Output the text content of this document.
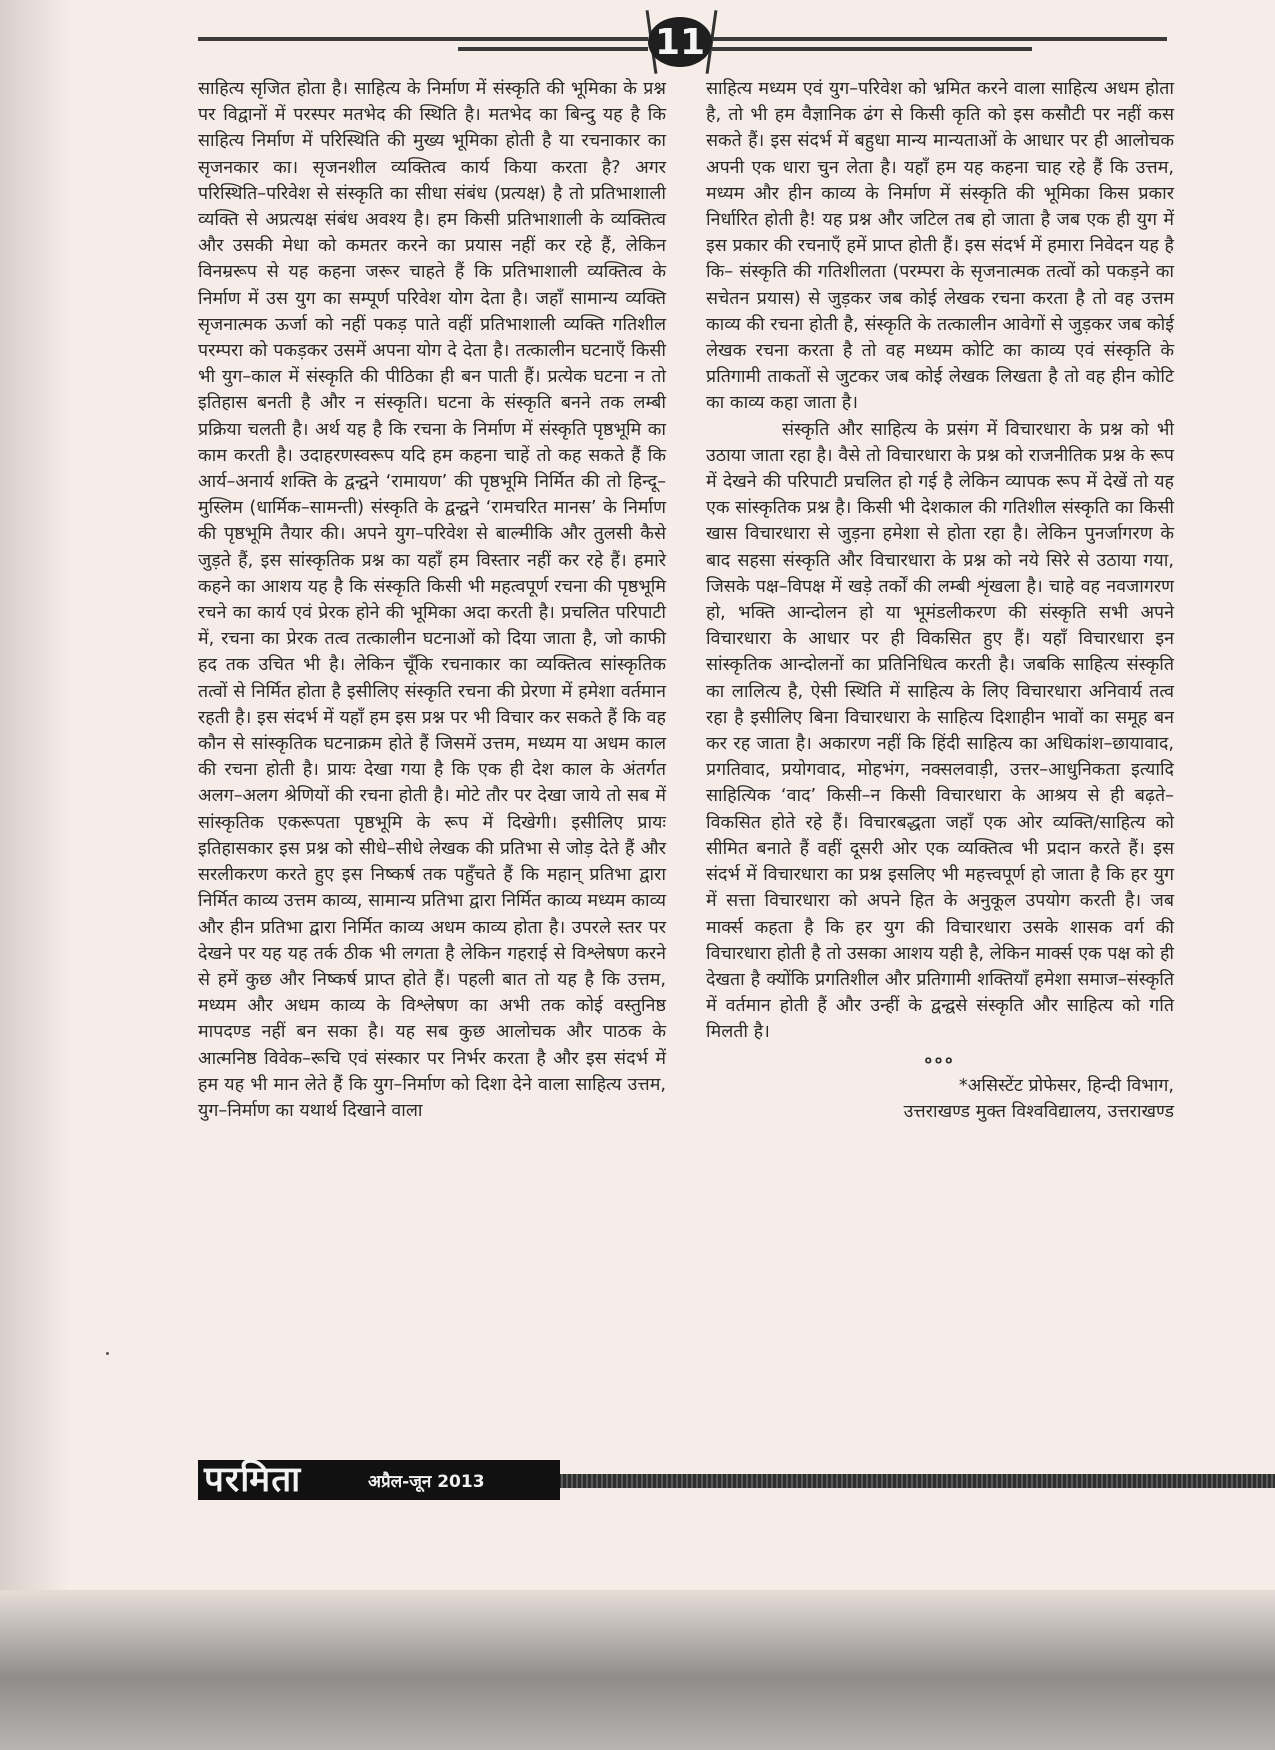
11

साहित्य सृजित होता है। साहित्य के निर्माण में संस्कृति की भूमिका के प्रश्न पर विद्वानों में परस्पर मतभेद की स्थिति है। मतभेद का बिन्दु यह है कि साहित्य निर्माण में परिस्थिति की मुख्य भूमिका होती है या रचनाकार का सृजनकार का। सृजनशील व्यक्तित्व कार्य किया करता है? अगर परिस्थिति–परिवेश से संस्कृति का सीधा संबंध (प्रत्यक्ष) है तो प्रतिभाशाली व्यक्ति से अप्रत्यक्ष संबंध अवश्य है। हम किसी प्रतिभाशाली के व्यक्तित्व और उसकी मेधा को कमतर करने का प्रयास नहीं कर रहे हैं, लेकिन विनम्ररूप से यह कहना जरूर चाहते हैं कि प्रतिभाशाली व्यक्तित्व के निर्माण में उस युग का सम्पूर्ण परिवेश योग देता है। जहाँ सामान्य व्यक्ति सृजनात्मक ऊर्जा को नहीं पकड़ पाते वहीं प्रतिभाशाली व्यक्ति गतिशील परम्परा को पकड़कर उसमें अपना योग दे देता है। तत्कालीन घटनाएँ किसी भी युग–काल में संस्कृति की पीठिका ही बन पाती हैं। प्रत्येक घटना न तो इतिहास बनती है और न संस्कृति। घटना के संस्कृति बनने तक लम्बी प्रक्रिया चलती है। अर्थ यह है कि रचना के निर्माण में संस्कृति पृष्ठभूमि का काम करती है। उदाहरणस्वरूप यदि हम कहना चाहें तो कह सकते हैं कि आर्य–अनार्य शक्ति के द्वन्द्वने ‘रामायण’ की पृष्ठभूमि निर्मित की तो हिन्दू–मुस्लिम (धार्मिक–सामन्ती) संस्कृति के द्वन्द्वने ‘रामचरित मानस’ के निर्माण की पृष्ठभूमि तैयार की। अपने युग–परिवेश से बाल्मीकि और तुलसी कैसे जुड़ते हैं, इस सांस्कृतिक प्रश्न का यहाँ हम विस्तार नहीं कर रहे हैं। हमारे कहने का आशय यह है कि संस्कृति किसी भी महत्वपूर्ण रचना की पृष्ठभूमि रचने का कार्य एवं प्रेरक होने की भूमिका अदा करती है। प्रचलित परिपाटी में, रचना का प्रेरक तत्व तत्कालीन घटनाओं को दिया जाता है, जो काफी हद तक उचित भी है। लेकिन चूँकि रचनाकार का व्यक्तित्व सांस्कृतिक तत्वों से निर्मित होता है इसीलिए संस्कृति रचना की प्रेरणा में हमेशा वर्तमान रहती है। इस संदर्भ में यहाँ हम इस प्रश्न पर भी विचार कर सकते हैं कि वह कौन से सांस्कृतिक घटनाक्रम होते हैं जिसमें उत्तम, मध्यम या अधम काल की रचना होती है। प्रायः देखा गया है कि एक ही देश काल के अंतर्गत अलग–अलग श्रेणियों की रचना होती है। मोटे तौर पर देखा जाये तो सब में सांस्कृतिक एकरूपता पृष्ठभूमि के रूप में दिखेगी। इसीलिए प्रायः इतिहासकार इस प्रश्न को सीधे–सीधे लेखक की प्रतिभा से जोड़ देते हैं और सरलीकरण करते हुए इस निष्कर्ष तक पहुँचते हैं कि महान् प्रतिभा द्वारा निर्मित काव्य उत्तम काव्य, सामान्य प्रतिभा द्वारा निर्मित काव्य मध्यम काव्य और हीन प्रतिभा द्वारा निर्मित काव्य अधम काव्य होता है। उपरले स्तर पर देखने पर यह यह तर्क ठीक भी लगता है लेकिन गहराई से विश्लेषण करने से हमें कुछ और निष्कर्ष प्राप्त होते हैं। पहली बात तो यह है कि उत्तम, मध्यम और अधम काव्य के विश्लेषण का अभी तक कोई वस्तुनिष्ठ मापदण्ड नहीं बन सका है। यह सब कुछ आलोचक और पाठक के आत्मनिष्ठ विवेक–रूचि एवं संस्कार पर निर्भर करता है और इस संदर्भ में हम यह भी मान लेते हैं कि युग–निर्माण को दिशा देने वाला साहित्य उत्तम, युग–निर्माण का यथार्थ दिखाने वाला

साहित्य मध्यम एवं युग–परिवेश को भ्रमित करने वाला साहित्य अधम होता है, तो भी हम वैज्ञानिक ढंग से किसी कृति को इस कसौटी पर नहीं कस सकते हैं। इस संदर्भ में बहुधा मान्य मान्यताओं के आधार पर ही आलोचक अपनी एक धारा चुन लेता है। यहाँ हम यह कहना चाह रहे हैं कि उत्तम, मध्यम और हीन काव्य के निर्माण में संस्कृति की भूमिका किस प्रकार निर्धारित होती है! यह प्रश्न और जटिल तब हो जाता है जब एक ही युग में इस प्रकार की रचनाएँ हमें प्राप्त होती हैं। इस संदर्भ में हमारा निवेदन यह है कि– संस्कृति की गतिशीलता (परम्परा के सृजनात्मक तत्वों को पकड़ने का सचेतन प्रयास) से जुड़कर जब कोई लेखक रचना करता है तो वह उत्तम काव्य की रचना होती है, संस्कृति के तत्कालीन आवेगों से जुड़कर जब कोई लेखक रचना करता है तो वह मध्यम कोटि का काव्य एवं संस्कृति के प्रतिगामी ताकतों से जुटकर जब कोई लेखक लिखता है तो वह हीन कोटि का काव्य कहा जाता है।

संस्कृति और साहित्य के प्रसंग में विचारधारा के प्रश्न को भी उठाया जाता रहा है। वैसे तो विचारधारा के प्रश्न को राजनीतिक प्रश्न के रूप में देखने की परिपाटी प्रचलित हो गई है लेकिन व्यापक रूप में देखें तो यह एक सांस्कृतिक प्रश्न है। किसी भी देशकाल की गतिशील संस्कृति का किसी खास विचारधारा से जुड़ना हमेशा से होता रहा है। लेकिन पुनर्जागरण के बाद सहसा संस्कृति और विचारधारा के प्रश्न को नये सिरे से उठाया गया, जिसके पक्ष–विपक्ष में खड़े तर्कों की लम्बी शृंखला है। चाहे वह नवजागरण हो, भक्ति आन्दोलन हो या भूमंडलीकरण की संस्कृति सभी अपने विचारधारा के आधार पर ही विकसित हुए हैं। यहाँ विचारधारा इन सांस्कृतिक आन्दोलनों का प्रतिनिधित्व करती है। जबकि साहित्य संस्कृति का लालित्य है, ऐसी स्थिति में साहित्य के लिए विचारधारा अनिवार्य तत्व रहा है इसीलिए बिना विचारधारा के साहित्य दिशाहीन भावों का समूह बन कर रह जाता है। अकारण नहीं कि हिंदी साहित्य का अधिकांश–छायावाद, प्रगतिवाद, प्रयोगवाद, मोहभंग, नक्सलवाड़ी, उत्तर–आधुनिकता इत्यादि साहित्यिक ‘वाद’ किसी–न किसी विचारधारा के आश्रय से ही बढ़ते–विकसित होते रहे हैं। विचारबद्धता जहाँ एक ओर व्यक्ति/साहित्य को सीमित बनाते हैं वहीं दूसरी ओर एक व्यक्तित्व भी प्रदान करते हैं। इस संदर्भ में विचारधारा का प्रश्न इसलिए भी महत्त्वपूर्ण हो जाता है कि हर युग में सत्ता विचारधारा को अपने हित के अनुकूल उपयोग करती है। जब मार्क्स कहता है कि हर युग की विचारधारा उसके शासक वर्ग की विचारधारा होती है तो उसका आशय यही है, लेकिन मार्क्स एक पक्ष को ही देखता है क्योंकि प्रगतिशील और प्रतिगामी शक्तियाँ हमेशा समाज–संस्कृति में वर्तमान होती हैं और उन्हीं के द्वन्द्वसे संस्कृति और साहित्य को गति मिलती है।

०००

*असिस्टेंट प्रोफेसर, हिन्दी विभाग,

उत्तराखण्ड मुक्त विश्वविद्यालय, उत्तराखण्ड

परमिता	अप्रैल-जून 2013
